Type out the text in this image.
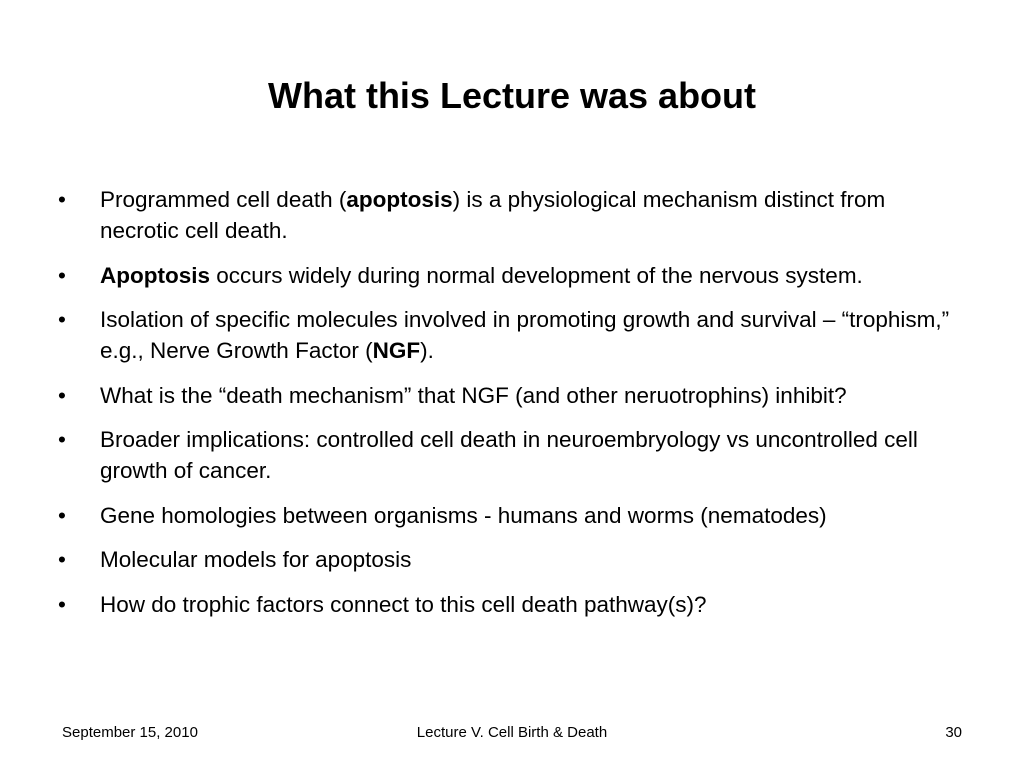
What this Lecture was about
•	Programmed cell death (apoptosis) is a physiological mechanism distinct from necrotic cell death.
•	Apoptosis occurs widely during normal development of the nervous system.
•	Isolation of specific molecules involved in promoting growth and survival – “trophism,” e.g., Nerve Growth Factor (NGF).
•	What is the “death mechanism” that NGF (and other neruotrophins) inhibit?
•	Broader implications: controlled cell death in neuroembryology vs uncontrolled cell growth of cancer.
•	Gene homologies between organisms - humans and worms (nematodes)
•	Molecular models for apoptosis
•	How do trophic factors connect to this cell death pathway(s)?
September 15, 2010	Lecture V. Cell Birth & Death	30
